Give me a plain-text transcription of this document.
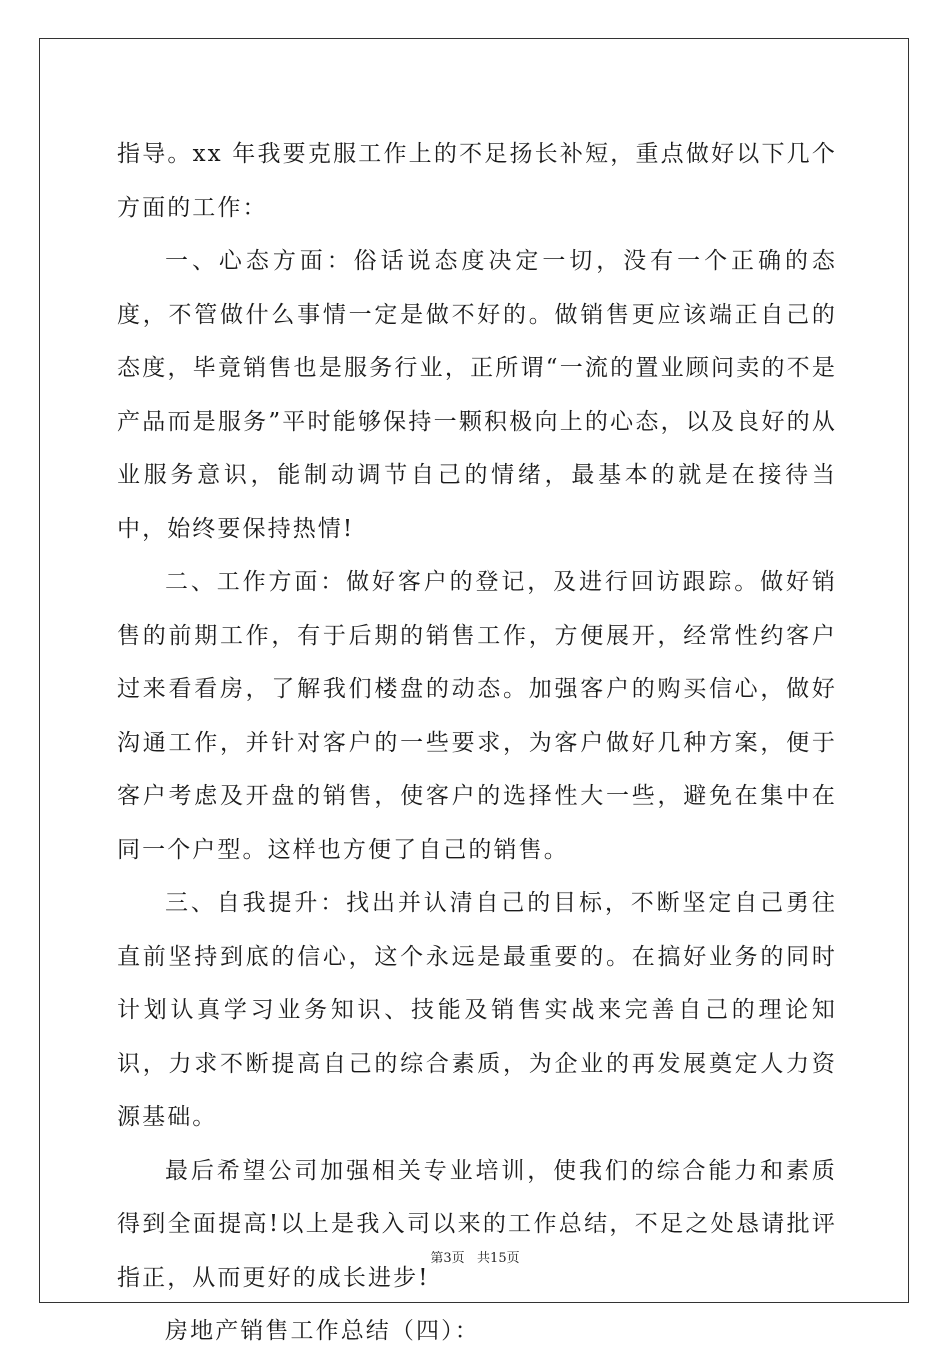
指导。xx 年我要克服工作上的不足扬长补短，重点做好以下几个方面的工作：

一、心态方面：俗话说态度决定一切，没有一个正确的态度，不管做什么事情一定是做不好的。做销售更应该端正自己的态度，毕竟销售也是服务行业，正所谓“一流的置业顾问卖的不是产品而是服务”平时能够保持一颗积极向上的心态，以及良好的从业服务意识，能制动调节自己的情绪，最基本的就是在接待当中，始终要保持热情!

二、工作方面：做好客户的登记，及进行回访跟踪。做好销售的前期工作，有于后期的销售工作，方便展开，经常性约客户过来看看房，了解我们楼盘的动态。加强客户的购买信心，做好沟通工作，并针对客户的一些要求，为客户做好几种方案，便于客户考虑及开盘的销售，使客户的选择性大一些，避免在集中在同一个户型。这样也方便了自己的销售。

三、自我提升：找出并认清自己的目标，不断坚定自己勇往直前坚持到底的信心，这个永远是最重要的。在搞好业务的同时计划认真学习业务知识、技能及销售实战来完善自己的理论知识，力求不断提高自己的综合素质，为企业的再发展奠定人力资源基础。

最后希望公司加强相关专业培训，使我们的综合能力和素质得到全面提高!以上是我入司以来的工作总结，不足之处恳请批评指正，从而更好的成长进步!

房地产销售工作总结（四）：

第3页   共15页
